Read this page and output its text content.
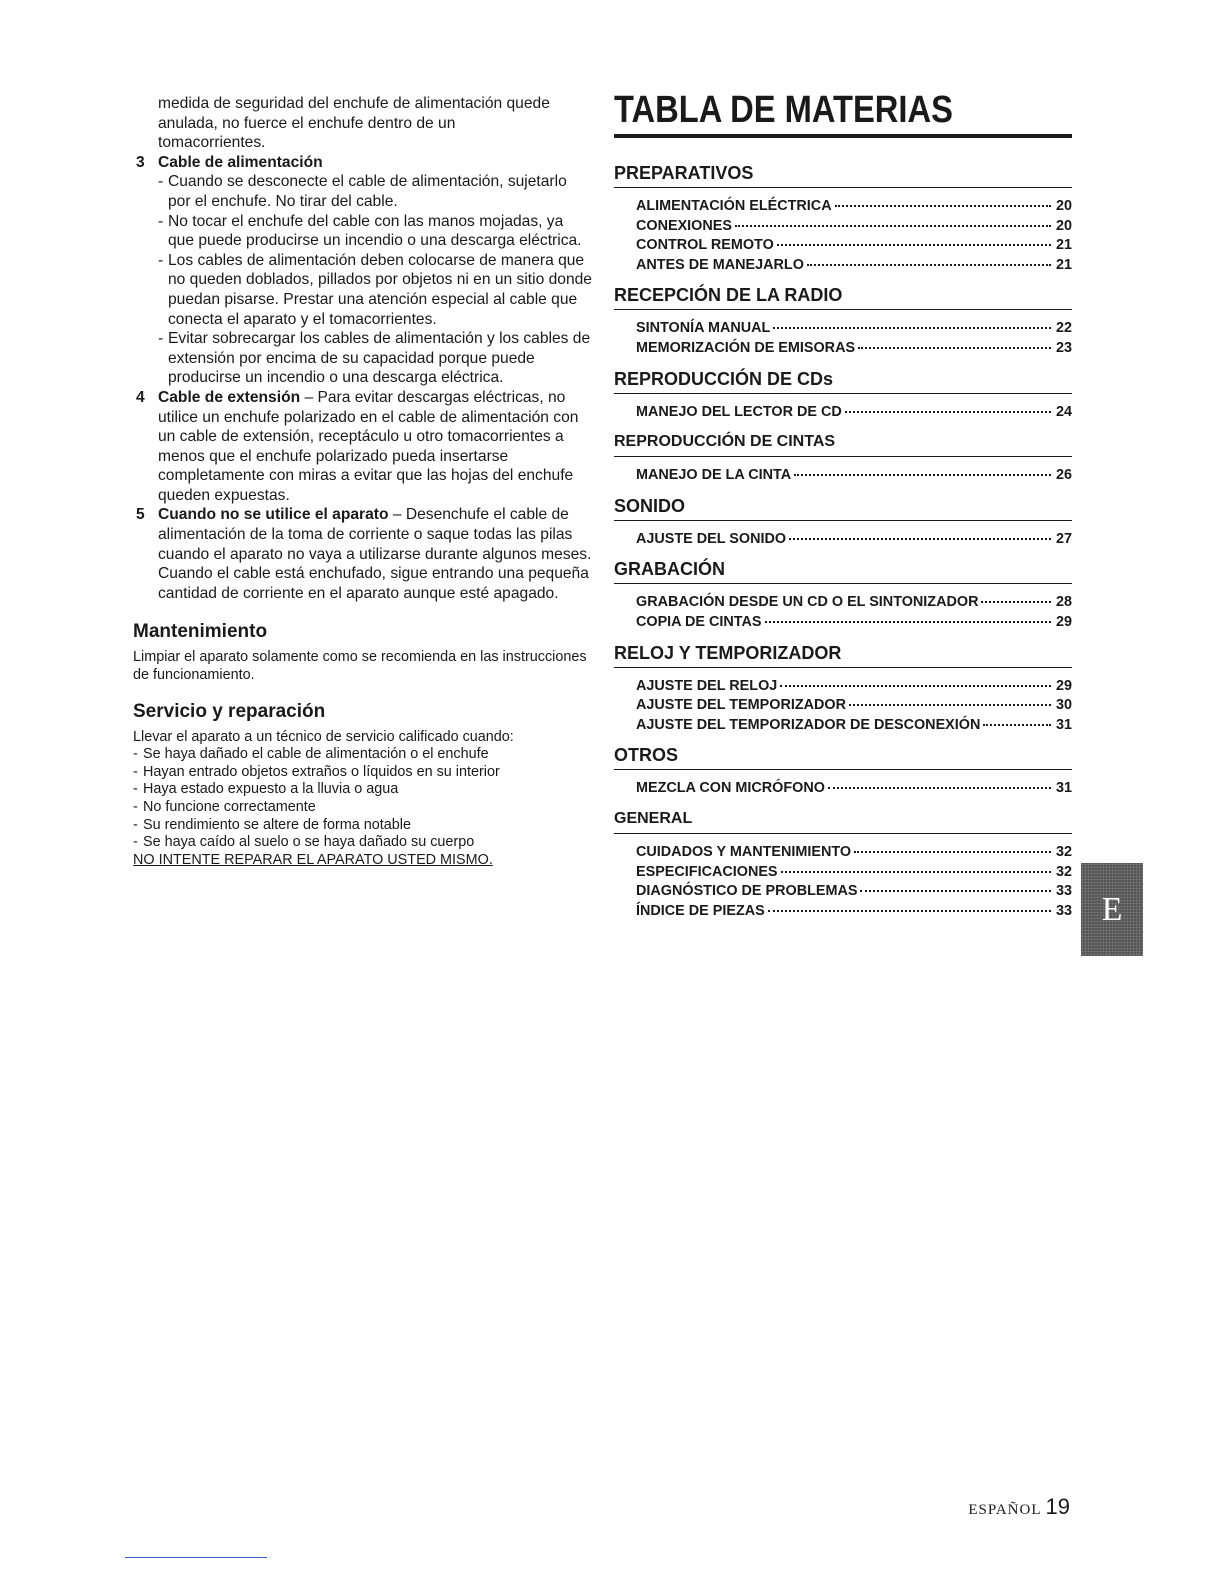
medida de seguridad del enchufe de alimentación quede

anulada, no fuerce el enchufe dentro de un

tomacorrientes.

3 Cable de alimentación

- Cuando se desconecte el cable de alimentación, sujetarlo por el enchufe. No tirar del cable.

- No tocar el enchufe del cable con las manos mojadas, ya que puede producirse un incendio o una descarga eléctrica.

- Los cables de alimentación deben colocarse de manera que no queden doblados, pillados por objetos ni en un sitio donde puedan pisarse. Prestar una atención especial al cable que conecta el aparato y el tomacorrientes.

- Evitar sobrecargar los cables de alimentación y los cables de extensión por encima de su capacidad porque puede producirse un incendio o una descarga eléctrica.

4 Cable de extensión – Para evitar descargas eléctricas, no utilice un enchufe polarizado en el cable de alimentación con un cable de extensión, receptáculo u otro tomacorrientes a menos que el enchufe polarizado pueda insertarse completamente con miras a evitar que las hojas del enchufe queden expuestas.

5 Cuando no se utilice el aparato – Desenchufe el cable de alimentación de la toma de corriente o saque todas las pilas cuando el aparato no vaya a utilizarse durante algunos meses. Cuando el cable está enchufado, sigue entrando una pequeña cantidad de corriente en el aparato aunque esté apagado.

Mantenimiento

Limpiar el aparato solamente como se recomienda en las instrucciones de funcionamiento.

Servicio y reparación

Llevar el aparato a un técnico de servicio calificado cuando:

- Se haya dañado el cable de alimentación o el enchufe

- Hayan entrado objetos extraños o líquidos en su interior

- Haya estado expuesto a la lluvia o agua

- No funcione correctamente

- Su rendimiento se altere de forma notable

- Se haya caído al suelo o se haya dañado su cuerpo

NO INTENTE REPARAR EL APARATO USTED MISMO.

TABLA DE MATERIAS
PREPARATIVOS
ALIMENTACIÓN ELÉCTRICA	20
CONEXIONES	20
CONTROL REMOTO	21
ANTES DE MANEJARLO	21
RECEPCIÓN DE LA RADIO
SINTONÍA MANUAL	22
MEMORIZACIÓN DE EMISORAS	23
REPRODUCCIÓN DE CDs
MANEJO DEL LECTOR DE CD	24
REPRODUCCIÓN DE CINTAS
MANEJO DE LA CINTA	26
SONIDO
AJUSTE DEL SONIDO	27
GRABACIÓN
GRABACIÓN DESDE UN CD O EL SINTONIZADOR	28
COPIA DE CINTAS	29
RELOJ Y TEMPORIZADOR
AJUSTE DEL RELOJ	29
AJUSTE DEL TEMPORIZADOR	30
AJUSTE DEL TEMPORIZADOR DE DESCONEXIÓN	31
OTROS
MEZCLA CON MICRÓFONO	31
GENERAL
CUIDADOS Y MANTENIMIENTO	32
ESPECIFICACIONES	32
DIAGNÓSTICO DE PROBLEMAS	33
ÍNDICE DE PIEZAS	33 E
ESPAÑOL 19
